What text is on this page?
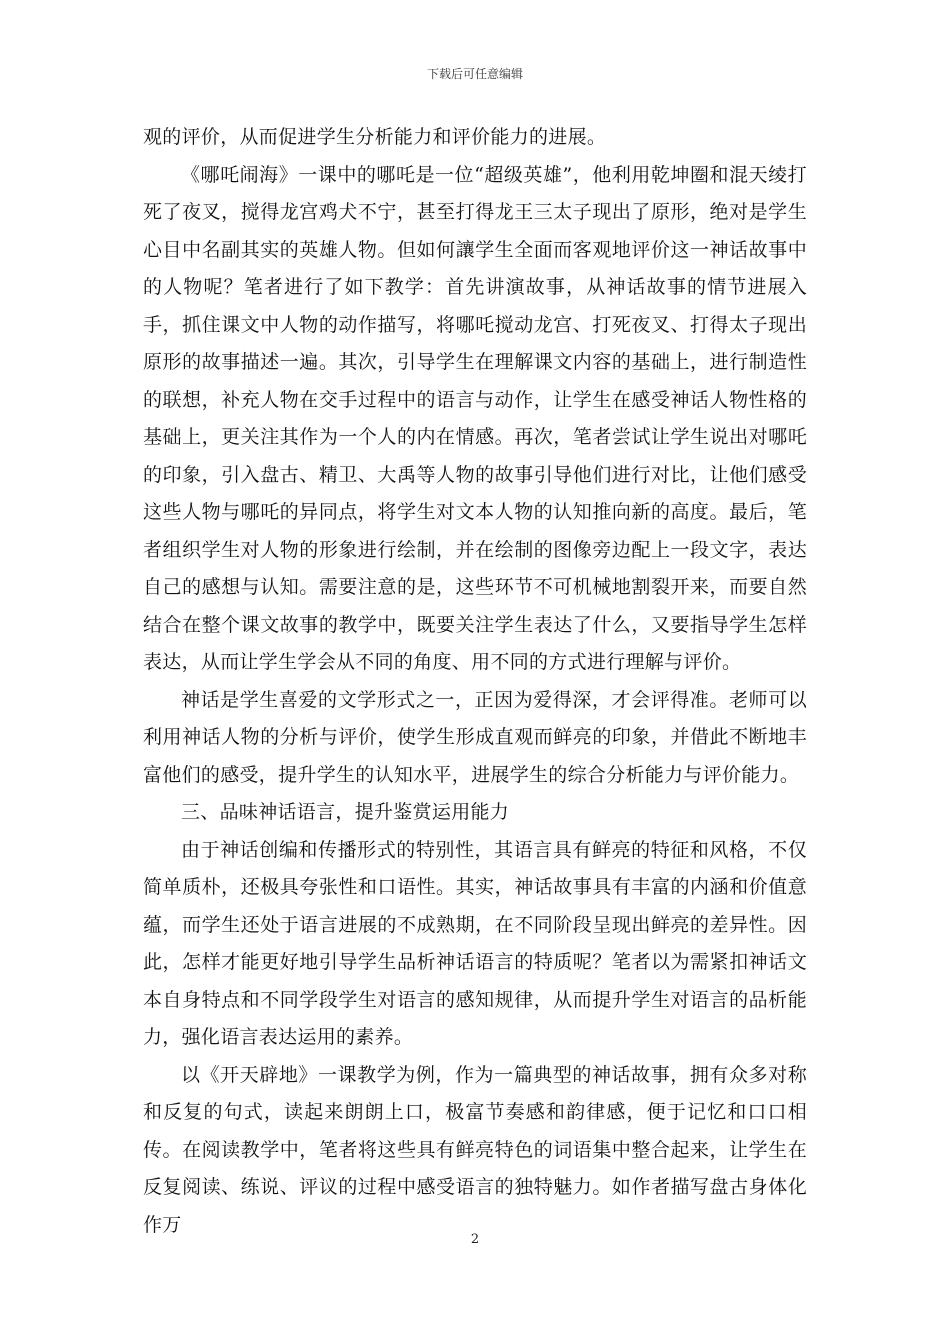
下载后可任意编辑

观的评价，从而促进学生分析能力和评价能力的进展。

《哪吒闹海》一课中的哪吒是一位“超级英雄”，他利用乾坤圈和混天绫打死了夜叉，搅得龙宫鸡犬不宁，甚至打得龙王三太子现出了原形，绝对是学生心目中名副其实的英雄人物。但如何讓学生全面而客观地评价这一神话故事中的人物呢？笔者进行了如下教学：首先讲演故事，从神话故事的情节进展入手，抓住课文中人物的动作描写，将哪吒搅动龙宫、打死夜叉、打得太子现出原形的故事描述一遍。其次，引导学生在理解课文内容的基础上，进行制造性的联想，补充人物在交手过程中的语言与动作，让学生在感受神话人物性格的基础上，更关注其作为一个人的内在情感。再次，笔者尝试让学生说出对哪吒的印象，引入盘古、精卫、大禹等人物的故事引导他们进行对比，让他们感受这些人物与哪吒的异同点，将学生对文本人物的认知推向新的高度。最后，笔者组织学生对人物的形象进行绘制，并在绘制的图像旁边配上一段文字，表达自己的感想与认知。需要注意的是，这些环节不可机械地割裂开来，而要自然结合在整个课文故事的教学中，既要关注学生表达了什么，又要指导学生怎样表达，从而让学生学会从不同的角度、用不同的方式进行理解与评价。

神话是学生喜爱的文学形式之一，正因为爱得深，才会评得准。老师可以利用神话人物的分析与评价，使学生形成直观而鲜亮的印象，并借此不断地丰富他们的感受，提升学生的认知水平，进展学生的综合分析能力与评价能力。

三、品味神话语言，提升鉴赏运用能力

由于神话创编和传播形式的特别性，其语言具有鲜亮的特征和风格，不仅简单质朴，还极具夸张性和口语性。其实，神话故事具有丰富的内涵和价值意蕴，而学生还处于语言进展的不成熟期，在不同阶段呈现出鲜亮的差异性。因此，怎样才能更好地引导学生品析神话语言的特质呢？笔者以为需紧扣神话文本自身特点和不同学段学生对语言的感知规律，从而提升学生对语言的品析能力，强化语言表达运用的素养。

以《开天辟地》一课教学为例，作为一篇典型的神话故事，拥有众多对称和反复的句式，读起来朗朗上口，极富节奏感和韵律感，便于记忆和口口相传。在阅读教学中，笔者将这些具有鲜亮特色的词语集中整合起来，让学生在反复阅读、练说、评议的过程中感受语言的独特魅力。如作者描写盘古身体化作万

2
